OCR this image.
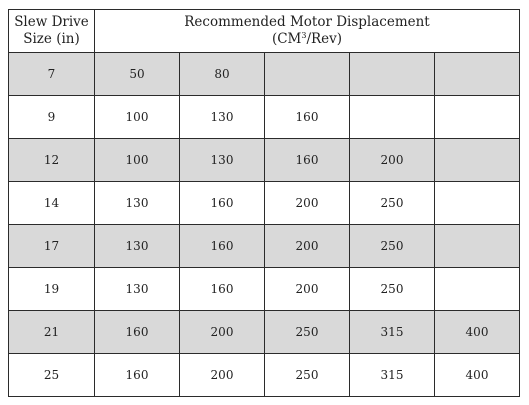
Slew Drive
Size (in)	Recommended Motor Displacement
$(CM^3/Rev)$				
7	50	80			
9	100	130	160		
12	100	130	160	200	
14	130	160	200	250	
17	130	160	200	250	
19	130	160	200	250	
21	160	200	250	315	400
25	160	200	250	315	400
